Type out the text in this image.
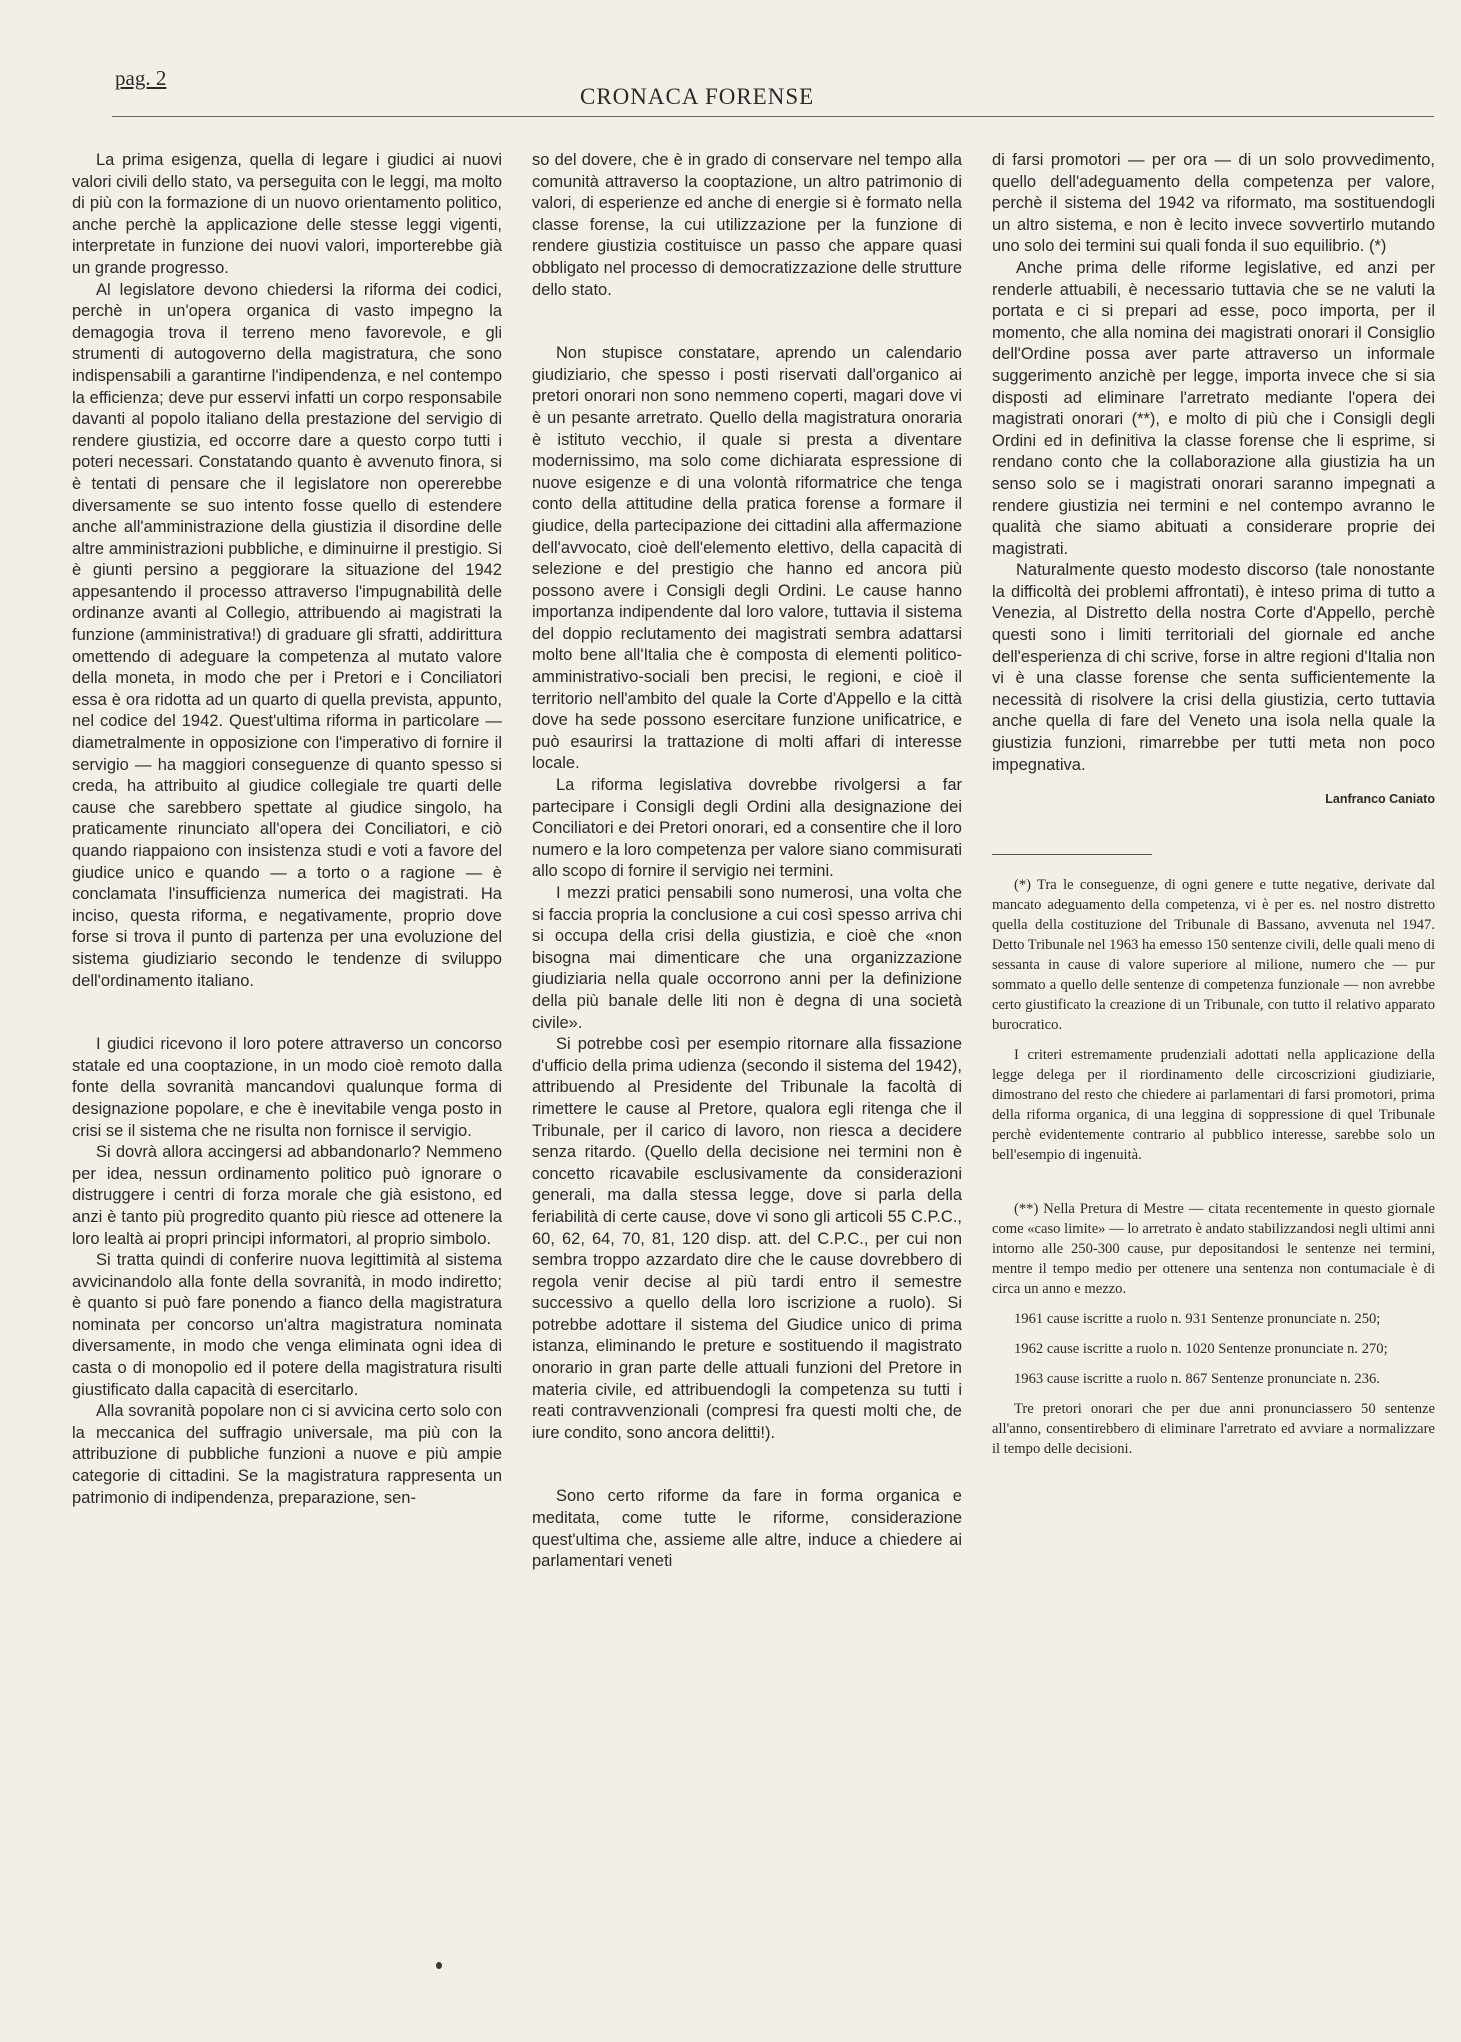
pag. 2
CRONACA FORENSE

La prima esigenza, quella di legare i giudici ai nuovi valori civili dello stato, va perseguita con le leggi, ma molto di più con la formazione di un nuovo orientamento politico, anche perchè la applicazione delle stesse leggi vigenti, interpretate in funzione dei nuovi valori, importerebbe già un grande progresso.

Al legislatore devono chiedersi la riforma dei codici, perchè in un'opera organica di vasto impegno la demagogia trova il terreno meno favorevole, e gli strumenti di autogoverno della magistratura, che sono indispensabili a garantirne l'indipendenza, e nel contempo la efficienza; deve pur esservi infatti un corpo responsabile davanti al popolo italiano della prestazione del servigio di rendere giustizia, ed occorre dare a questo corpo tutti i poteri necessari. Constatando quanto è avvenuto finora, si è tentati di pensare che il legislatore non opererebbe diversamente se suo intento fosse quello di estendere anche all'amministrazione della giustizia il disordine delle altre amministrazioni pubbliche, e diminuirne il prestigio. Si è giunti persino a peggiorare la situazione del 1942 appesantendo il processo attraverso l'impugnabilità delle ordinanze avanti al Collegio, attribuendo ai magistrati la funzione (amministrativa!) di graduare gli sfratti, addirittura omettendo di adeguare la competenza al mutato valore della moneta, in modo che per i Pretori e i Conciliatori essa è ora ridotta ad un quarto di quella prevista, appunto, nel codice del 1942. Quest'ultima riforma in particolare — diametralmente in opposizione con l'imperativo di fornire il servigio — ha maggiori conseguenze di quanto spesso si creda, ha attribuito al giudice collegiale tre quarti delle cause che sarebbero spettate al giudice singolo, ha praticamente rinunciato all'opera dei Conciliatori, e ciò quando riappaiono con insistenza studi e voti a favore del giudice unico e quando — a torto o a ragione — è conclamata l'insufficienza numerica dei magistrati. Ha inciso, questa riforma, e negativamente, proprio dove forse si trova il punto di partenza per una evoluzione del sistema giudiziario secondo le tendenze di sviluppo dell'ordinamento italiano.

I giudici ricevono il loro potere attraverso un concorso statale ed una cooptazione, in un modo cioè remoto dalla fonte della sovranità mancandovi qualunque forma di designazione popolare, e che è inevitabile venga posto in crisi se il sistema che ne risulta non fornisce il servigio.

Si dovrà allora accingersi ad abbandonarlo? Nemmeno per idea, nessun ordinamento politico può ignorare o distruggere i centri di forza morale che già esistono, ed anzi è tanto più progredito quanto più riesce ad ottenere la loro lealtà ai propri principi informatori, al proprio simbolo.

Si tratta quindi di conferire nuova legittimità al sistema avvicinandolo alla fonte della sovranità, in modo indiretto; è quanto si può fare ponendo a fianco della magistratura nominata per concorso un'altra magistratura nominata diversamente, in modo che venga eliminata ogni idea di casta o di monopolio ed il potere della magistratura risulti giustificato dalla capacità di esercitarlo.

Alla sovranità popolare non ci si avvicina certo solo con la meccanica del suffragio universale, ma più con la attribuzione di pubbliche funzioni a nuove e più ampie categorie di cittadini. Se la magistratura rappresenta un patrimonio di indipendenza, preparazione, sen-

so del dovere, che è in grado di conservare nel tempo alla comunità attraverso la cooptazione, un altro patrimonio di valori, di esperienze ed anche di energie si è formato nella classe forense, la cui utilizzazione per la funzione di rendere giustizia costituisce un passo che appare quasi obbligato nel processo di democratizzazione delle strutture dello stato.

Non stupisce constatare, aprendo un calendario giudiziario, che spesso i posti riservati dall'organico ai pretori onorari non sono nemmeno coperti, magari dove vi è un pesante arretrato. Quello della magistratura onoraria è istituto vecchio, il quale si presta a diventare modernissimo, ma solo come dichiarata espressione di nuove esigenze e di una volontà riformatrice che tenga conto della attitudine della pratica forense a formare il giudice, della partecipazione dei cittadini alla affermazione dell'avvocato, cioè dell'elemento elettivo, della capacità di selezione e del prestigio che hanno ed ancora più possono avere i Consigli degli Ordini. Le cause hanno importanza indipendente dal loro valore, tuttavia il sistema del doppio reclutamento dei magistrati sembra adattarsi molto bene all'Italia che è composta di elementi politico-amministrativo-sociali ben precisi, le regioni, e cioè il territorio nell'ambito del quale la Corte d'Appello e la città dove ha sede possono esercitare funzione unificatrice, e può esaurirsi la trattazione di molti affari di interesse locale.

La riforma legislativa dovrebbe rivolgersi a far partecipare i Consigli degli Ordini alla designazione dei Conciliatori e dei Pretori onorari, ed a consentire che il loro numero e la loro competenza per valore siano commisurati allo scopo di fornire il servigio nei termini.

I mezzi pratici pensabili sono numerosi, una volta che si faccia propria la conclusione a cui così spesso arriva chi si occupa della crisi della giustizia, e cioè che «non bisogna mai dimenticare che una organizzazione giudiziaria nella quale occorrono anni per la definizione della più banale delle liti non è degna di una società civile».

Si potrebbe così per esempio ritornare alla fissazione d'ufficio della prima udienza (secondo il sistema del 1942), attribuendo al Presidente del Tribunale la facoltà di rimettere le cause al Pretore, qualora egli ritenga che il Tribunale, per il carico di lavoro, non riesca a decidere senza ritardo. (Quello della decisione nei termini non è concetto ricavabile esclusivamente da considerazioni generali, ma dalla stessa legge, dove si parla della feriabilità di certe cause, dove vi sono gli articoli 55 C.P.C., 60, 62, 64, 70, 81, 120 disp. att. del C.P.C., per cui non sembra troppo azzardato dire che le cause dovrebbero di regola venir decise al più tardi entro il semestre successivo a quello della loro iscrizione a ruolo). Si potrebbe adottare il sistema del Giudice unico di prima istanza, eliminando le preture e sostituendo il magistrato onorario in gran parte delle attuali funzioni del Pretore in materia civile, ed attribuendogli la competenza su tutti i reati contravvenzionali (compresi fra questi molti che, de iure condito, sono ancora delitti!).

Sono certo riforme da fare in forma organica e meditata, come tutte le riforme, considerazione quest'ultima che, assieme alle altre, induce a chiedere ai parlamentari veneti

di farsi promotori — per ora — di un solo provvedimento, quello dell'adeguamento della competenza per valore, perchè il sistema del 1942 va riformato, ma sostituendogli un altro sistema, e non è lecito invece sovvertirlo mutando uno solo dei termini sui quali fonda il suo equilibrio. (*)

Anche prima delle riforme legislative, ed anzi per renderle attuabili, è necessario tuttavia che se ne valuti la portata e ci si prepari ad esse, poco importa, per il momento, che alla nomina dei magistrati onorari il Consiglio dell'Ordine possa aver parte attraverso un informale suggerimento anzichè per legge, importa invece che si sia disposti ad eliminare l'arretrato mediante l'opera dei magistrati onorari (**), e molto di più che i Consigli degli Ordini ed in definitiva la classe forense che li esprime, si rendano conto che la collaborazione alla giustizia ha un senso solo se i magistrati onorari saranno impegnati a rendere giustizia nei termini e nel contempo avranno le qualità che siamo abituati a considerare proprie dei magistrati.

Naturalmente questo modesto discorso (tale nonostante la difficoltà dei problemi affrontati), è inteso prima di tutto a Venezia, al Distretto della nostra Corte d'Appello, perchè questi sono i limiti territoriali del giornale ed anche dell'esperienza di chi scrive, forse in altre regioni d'Italia non vi è una classe forense che senta sufficientemente la necessità di risolvere la crisi della giustizia, certo tuttavia anche quella di fare del Veneto una isola nella quale la giustizia funzioni, rimarrebbe per tutti meta non poco impegnativa.

Lanfranco Caniato

(*) Tra le conseguenze, di ogni genere e tutte negative, derivate dal mancato adeguamento della competenza, vi è per es. nel nostro distretto quella della costituzione del Tribunale di Bassano, avvenuta nel 1947. Detto Tribunale nel 1963 ha emesso 150 sentenze civili, delle quali meno di sessanta in cause di valore superiore al milione, numero che — pur sommato a quello delle sentenze di competenza funzionale — non avrebbe certo giustificato la creazione di un Tribunale, con tutto il relativo apparato burocratico.

I criteri estremamente prudenziali adottati nella applicazione della legge delega per il riordinamento delle circoscrizioni giudiziarie, dimostrano del resto che chiedere ai parlamentari di farsi promotori, prima della riforma organica, di una leggina di soppressione di quel Tribunale perchè evidentemente contrario al pubblico interesse, sarebbe solo un bell'esempio di ingenuità.

(**) Nella Pretura di Mestre — citata recentemente in questo giornale come «caso limite» — lo arretrato è andato stabilizzandosi negli ultimi anni intorno alle 250-300 cause, pur depositandosi le sentenze nei termini, mentre il tempo medio per ottenere una sentenza non contumaciale è di circa un anno e mezzo.

1961 cause iscritte a ruolo n. 931 Sentenze pronunciate n. 250;

1962 cause iscritte a ruolo n. 1020 Sentenze pronunciate n. 270;

1963 cause iscritte a ruolo n. 867 Sentenze pronunciate n. 236.

Tre pretori onorari che per due anni pronunciassero 50 sentenze all'anno, consentirebbero di eliminare l'arretrato ed avviare a normalizzare il tempo delle decisioni.
